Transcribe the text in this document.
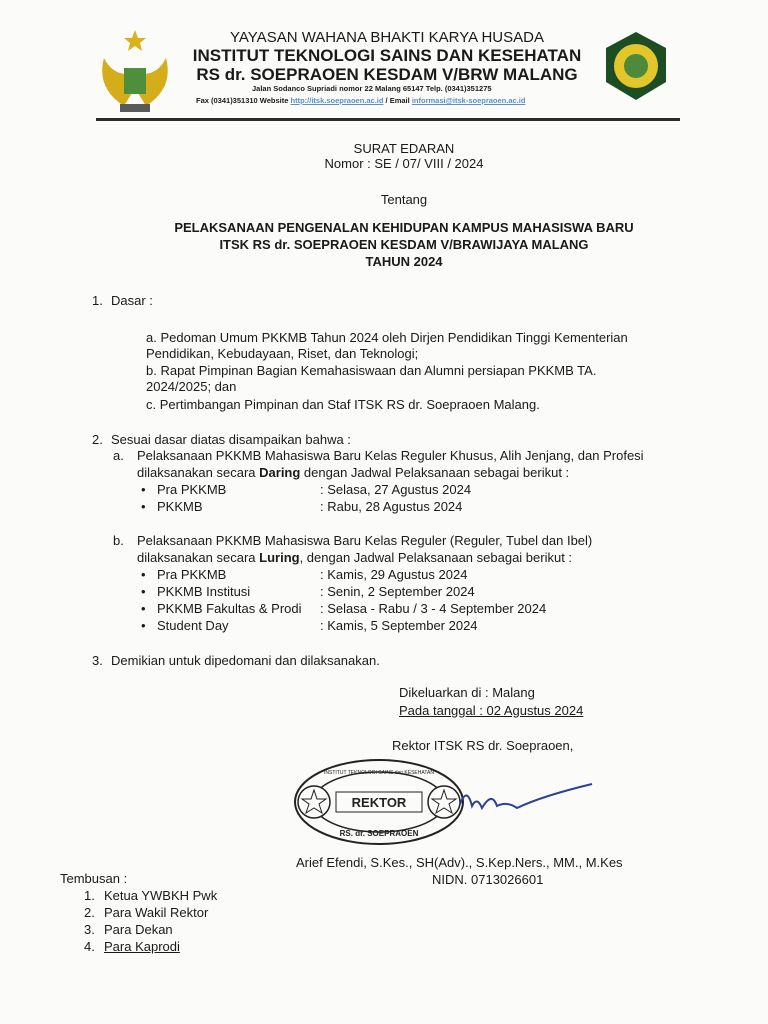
YAYASAN WAHANA BHAKTI KARYA HUSADA
INSTITUT TEKNOLOGI SAINS DAN KESEHATAN
RS dr. SOEPRAOEN KESDAM V/BRW MALANG
Jalan Sodanco Supriadi nomor 22 Malang 65147 Telp. (0341)351275
Fax (0341)351310 Website http://itsk.soepraoen.ac.id / Email informasi@itsk-soepraoen.ac.id
SURAT EDARAN
Nomor : SE / 07/ VIII / 2024
Tentang
PELAKSANAAN PENGENALAN KEHIDUPAN KAMPUS MAHASISWA BARU
ITSK RS dr. SOEPRAOEN KESDAM V/BRAWIJAYA MALANG
TAHUN 2024
1. Dasar :
a. Pedoman Umum PKKMB Tahun 2024 oleh Dirjen Pendidikan Tinggi Kementerian
Pendidikan, Kebudayaan, Riset, dan Teknologi;
b. Rapat Pimpinan Bagian Kemahasiswaan dan Alumni persiapan PKKMB TA.
2024/2025; dan
c. Pertimbangan Pimpinan dan Staf ITSK RS dr. Soepraoen Malang.
2. Sesuai dasar diatas disampaikan bahwa :
a. Pelaksanaan PKKMB Mahasiswa Baru Kelas Reguler Khusus, Alih Jenjang, dan Profesi
dilaksanakan secara Daring dengan Jadwal Pelaksanaan sebagai berikut :
• Pra PKKMB	: Selasa, 27 Agustus 2024
• PKKMB	: Rabu, 28 Agustus 2024
b. Pelaksanaan PKKMB Mahasiswa Baru Kelas Reguler (Reguler, Tubel dan Ibel)
dilaksanakan secara Luring, dengan Jadwal Pelaksanaan sebagai berikut :
• Pra PKKMB	: Kamis, 29 Agustus 2024
• PKKMB Institusi	: Senin, 2 September 2024
• PKKMB Fakultas & Prodi : Selasa - Rabu / 3 - 4 September 2024
• Student Day	: Kamis, 5 September 2024
3. Demikian untuk dipedomani dan dilaksanakan.
Dikeluarkan di : Malang
Pada tanggal : 02 Agustus 2024
Rektor ITSK RS dr. Soepraoen,
REKTOR
INSTITUT TEKNOLOGI SAINS dan KESEHATAN
RS. dr. SOEPRAOEN
Arief Efendi, S.Kes., SH(Adv)., S.Kep.Ners., MM., M.Kes
NIDN. 0713026601
Tembusan :
1. Ketua YWBKH Pwk
2. Para Wakil Rektor
3. Para Dekan
4. Para Kaprodi
